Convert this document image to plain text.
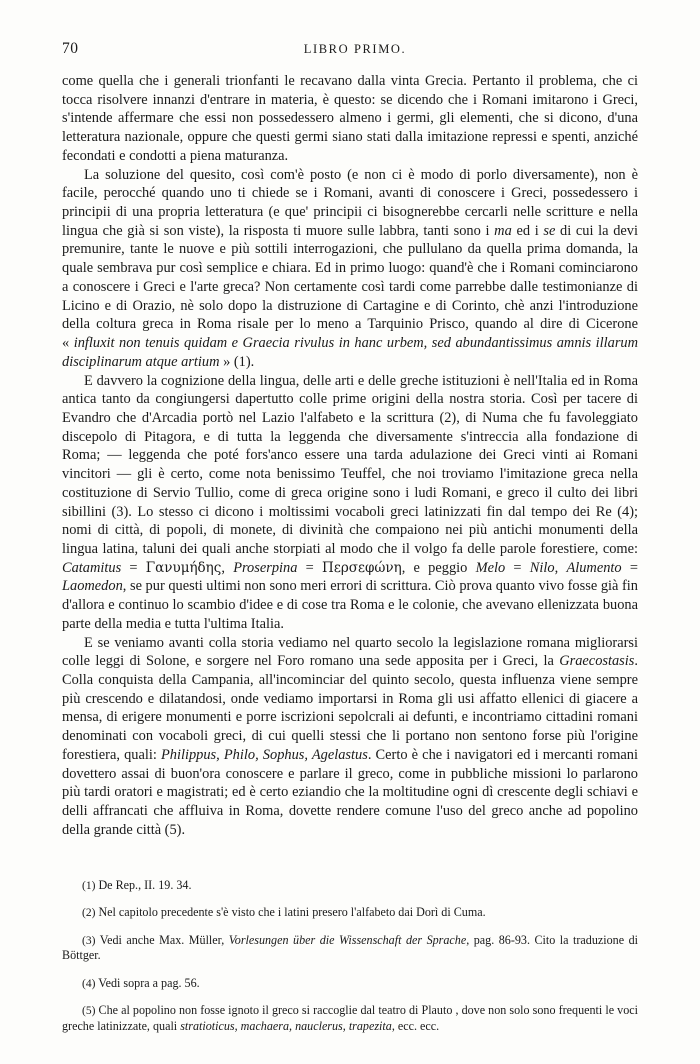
70	LIBRO PRIMO.

come quella che i generali trionfanti le recavano dalla vinta Grecia. Pertanto il problema, che ci tocca risolvere innanzi d'entrare in materia, è questo: se dicendo che i Romani imitarono i Greci, s'intende affermare che essi non possedessero almeno i germi, gli elementi, che si dicono, d'una letteratura nazionale, oppure che questi germi siano stati dalla imitazione repressi e spenti, anziché fecondati e condotti a piena maturanza.

La soluzione del quesito, così com'è posto (e non ci è modo di porlo diversamente), non è facile, perocché quando uno ti chiede se i Romani, avanti di conoscere i Greci, possedessero i principii di una propria letteratura (e que' principii ci bisognerebbe cercarli nelle scritture e nella lingua che già si son viste), la risposta ti muore sulle labbra, tanti sono i ma ed i se di cui la devi premunire, tante le nuove e più sottili interrogazioni, che pullulano da quella prima domanda, la quale sembrava pur così semplice e chiara. Ed in primo luogo: quand'è che i Romani cominciarono a conoscere i Greci e l'arte greca? Non certamente così tardi come parrebbe dalle testimonianze di Licino e di Orazio, nè solo dopo la distruzione di Cartagine e di Corinto, chè anzi l'introduzione della coltura greca in Roma risale per lo meno a Tarquinio Prisco, quando al dire di Cicerone « influxit non tenuis quidam e Graecia rivulus in hanc urbem, sed abundantissimus amnis illarum disciplinarum atque artium » (1).

E davvero la cognizione della lingua, delle arti e delle greche istituzioni è nell'Italia ed in Roma antica tanto da congiungersi dapertutto colle prime origini della nostra storia. Così per tacere di Evandro che d'Arcadia portò nel Lazio l'alfabeto e la scrittura (2), di Numa che fu favoleggiato discepolo di Pitagora, e di tutta la leggenda che diversamente s'intreccia alla fondazione di Roma; — leggenda che poté fors'anco essere una tarda adulazione dei Greci vinti ai Romani vincitori — gli è certo, come nota benissimo Teuffel, che noi troviamo l'imitazione greca nella costituzione di Servio Tullio, come di greca origine sono i ludi Romani, e greco il culto dei libri sibillini (3). Lo stesso ci dicono i moltissimi vocaboli greci latinizzati fin dal tempo dei Re (4); nomi di città, di popoli, di monete, di divinità che compaiono nei più antichi monumenti della lingua latina, taluni dei quali anche storpiati al modo che il volgo fa delle parole forestiere, come: Catamitus = Γανυμήδης, Proserpina = Περσεφώνη, e peggio Melo = Nilo, Alumento = Laomedon, se pur questi ultimi non sono meri errori di scrittura. Ciò prova quanto vivo fosse già fin d'allora e continuo lo scambio d'idee e di cose tra Roma e le colonie, che avevano ellenizzata buona parte della media e tutta l'ultima Italia.

E se veniamo avanti colla storia vediamo nel quarto secolo la legislazione romana migliorarsi colle leggi di Solone, e sorgere nel Foro romano una sede apposita per i Greci, la Graecostasis. Colla conquista della Campania, all'incominciar del quinto secolo, questa influenza viene sempre più crescendo e dilatandosi, onde vediamo importarsi in Roma gli usi affatto ellenici di giacere a mensa, di erigere monumenti e porre iscrizioni sepolcrali ai defunti, e incontriamo cittadini romani denominati con vocaboli greci, di cui quelli stessi che li portano non sentono forse più l'origine forestiera, quali: Philippus, Philo, Sophus, Agelastus. Certo è che i navigatori ed i mercanti romani dovettero assai di buon'ora conoscere e parlare il greco, come in pubbliche missioni lo parlarono più tardi oratori e magistrati; ed è certo eziandio che la moltitudine ogni dì crescente degli schiavi e delli affrancati che affluiva in Roma, dovette rendere comune l'uso del greco anche ad popolino della grande città (5).

(1) De Rep., II. 19. 34.

(2) Nel capitolo precedente s'è visto che i latini presero l'alfabeto dai Dorì di Cuma.

(3) Vedi anche Max. Müller, Vorlesungen über die Wissenschaft der Sprache, pag. 86-93. Cito la traduzione di Böttger.

(4) Vedi sopra a pag. 56.

(5) Che al popolino non fosse ignoto il greco si raccoglie dal teatro di Plauto , dove non solo sono frequenti le voci greche latinizzate, quali stratioticus, machaera, nauclerus, trapezita, ecc. ecc.
